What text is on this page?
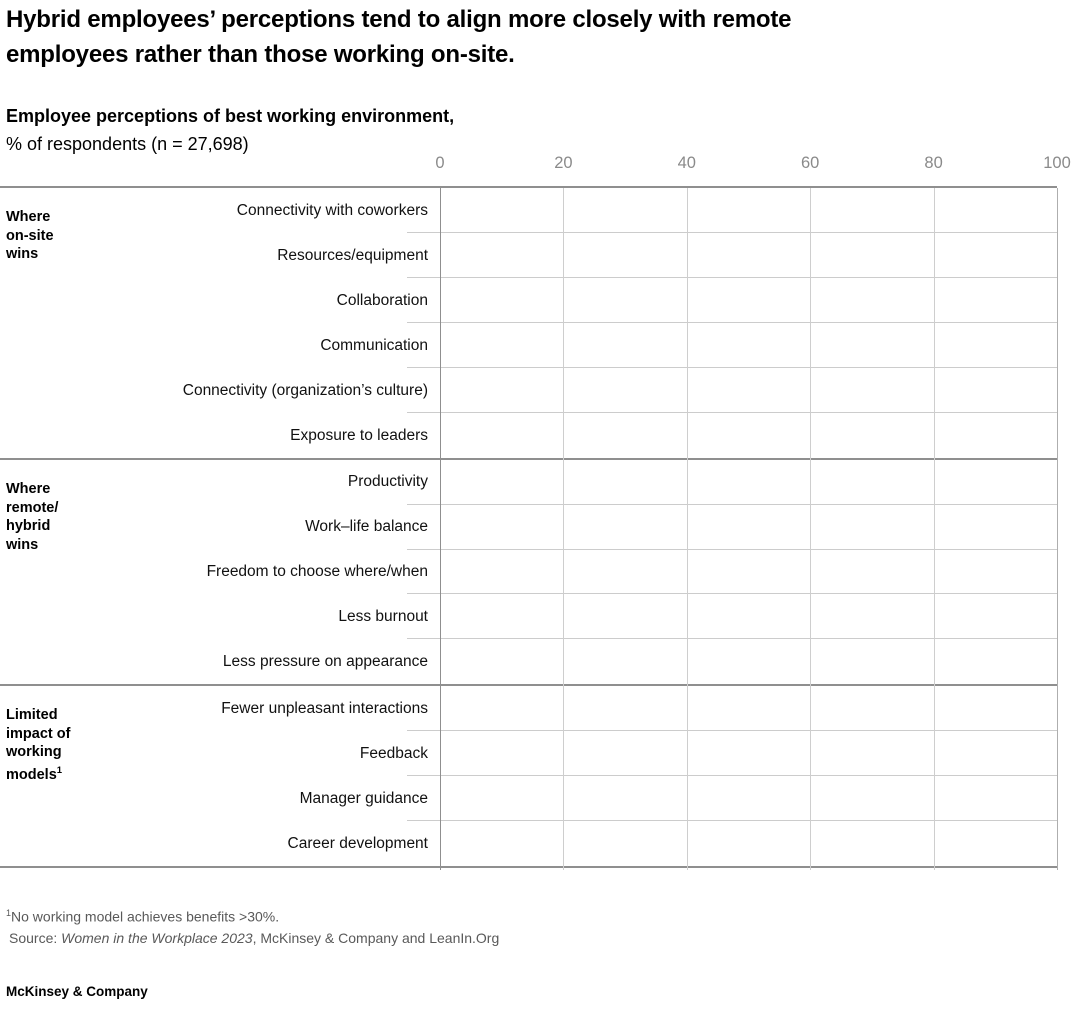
Hybrid employees’ perceptions tend to align more closely with remote
employees rather than those working on-site.
Employee perceptions of best working environment, % of respondents (n = 27,698)
0	20	40	60	80	100
Where
on-site
wins
Connectivity with coworkers
Resources/equipment
Collaboration
Communication
Connectivity (organization’s culture)
Exposure to leaders
Where
remote/
hybrid
wins
Productivity
Work–life balance
Freedom to choose where/when
Less burnout
Less pressure on appearance
Limited
impact of
working
models$^1$
Fewer unpleasant interactions
Feedback
Manager guidance
Career development
$^1$No working model achieves benefits >30%.
Source: Women in the Workplace 2023, McKinsey & Company and LeanIn.Org
McKinsey & Company
